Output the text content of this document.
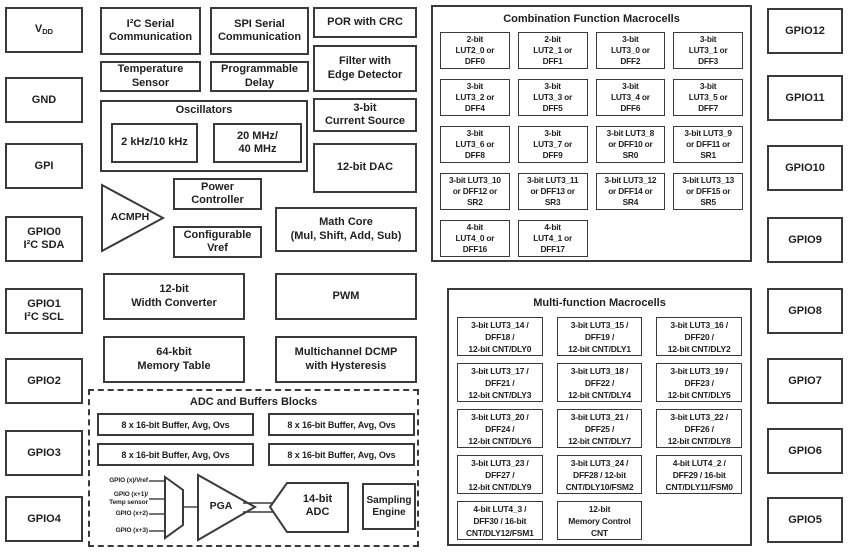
VDD
GND
GPI
GPIO0
I²C SDA
GPIO1
I²C SCL
GPIO2
GPIO3
GPIO4
GPIO12
GPIO11
GPIO10
GPIO9
GPIO8
GPIO7
GPIO6
GPIO5
I²C Serial
Communication
SPI Serial
Communication
POR with CRC
Temperature
Sensor
Programmable
Delay
Filter with
Edge Detector
Oscillators
2 kHz/10 kHz
20 MHz/
40 MHz
3-bit
Current Source
12-bit DAC
ACMPH
Power
Controller
Configurable
Vref
Math Core
(Mul, Shift, Add, Sub)
12-bit
Width Converter
PWM
64-kbit
Memory Table
Multichannel DCMP
with Hysteresis
ADC and Buffers Blocks
8 x 16-bit Buffer, Avg, Ovs	8 x 16-bit Buffer, Avg, Ovs
8 x 16-bit Buffer, Avg, Ovs	8 x 16-bit Buffer, Avg, Ovs
GPIO (x)/Vref
GPIO (x+1)/
Temp sensor
GPIO (x+2)
GPIO (x+3)
PGA
14-bit
ADC
Sampling
Engine
Combination Function Macrocells
2-bit
LUT2_0 or
DFF0
2-bit
LUT2_1 or
DFF1
3-bit
LUT3_0 or
DFF2
3-bit
LUT3_1 or
DFF3
3-bit
LUT3_2 or
DFF4
3-bit
LUT3_3 or
DFF5
3-bit
LUT3_4 or
DFF6
3-bit
LUT3_5 or
DFF7
3-bit
LUT3_6 or
DFF8
3-bit
LUT3_7 or
DFF9
3-bit LUT3_8
or DFF10 or
SR0
3-bit LUT3_9
or DFF11 or
SR1
3-bit LUT3_10
or DFF12 or
SR2
3-bit LUT3_11
or DFF13 or
SR3
3-bit LUT3_12
or DFF14 or
SR4
3-bit LUT3_13
or DFF15 or
SR5
4-bit
LUT4_0 or
DFF16
4-bit
LUT4_1 or
DFF17
Multi-function Macrocells
3-bit LUT3_14 /
DFF18 /
12-bit CNT/DLY0
3-bit LUT3_15 /
DFF19 /
12-bit CNT/DLY1
3-bit LUT3_16 /
DFF20 /
12-bit CNT/DLY2
3-bit LUT3_17 /
DFF21 /
12-bit CNT/DLY3
3-bit LUT3_18 /
DFF22 /
12-bit CNT/DLY4
3-bit LUT3_19 /
DFF23 /
12-bit CNT/DLY5
3-bit LUT3_20 /
DFF24 /
12-bit CNT/DLY6
3-bit LUT3_21 /
DFF25 /
12-bit CNT/DLY7
3-bit LUT3_22 /
DFF26 /
12-bit CNT/DLY8
3-bit LUT3_23 /
DFF27 /
12-bit CNT/DLY9
3-bit LUT3_24 /
DFF28 / 12-bit
CNT/DLY10/FSM2
4-bit LUT4_2 /
DFF29 / 16-bit
CNT/DLY11/FSM0
4-bit LUT4_3 /
DFF30 / 16-bit
CNT/DLY12/FSM1
12-bit
Memory Control
CNT
